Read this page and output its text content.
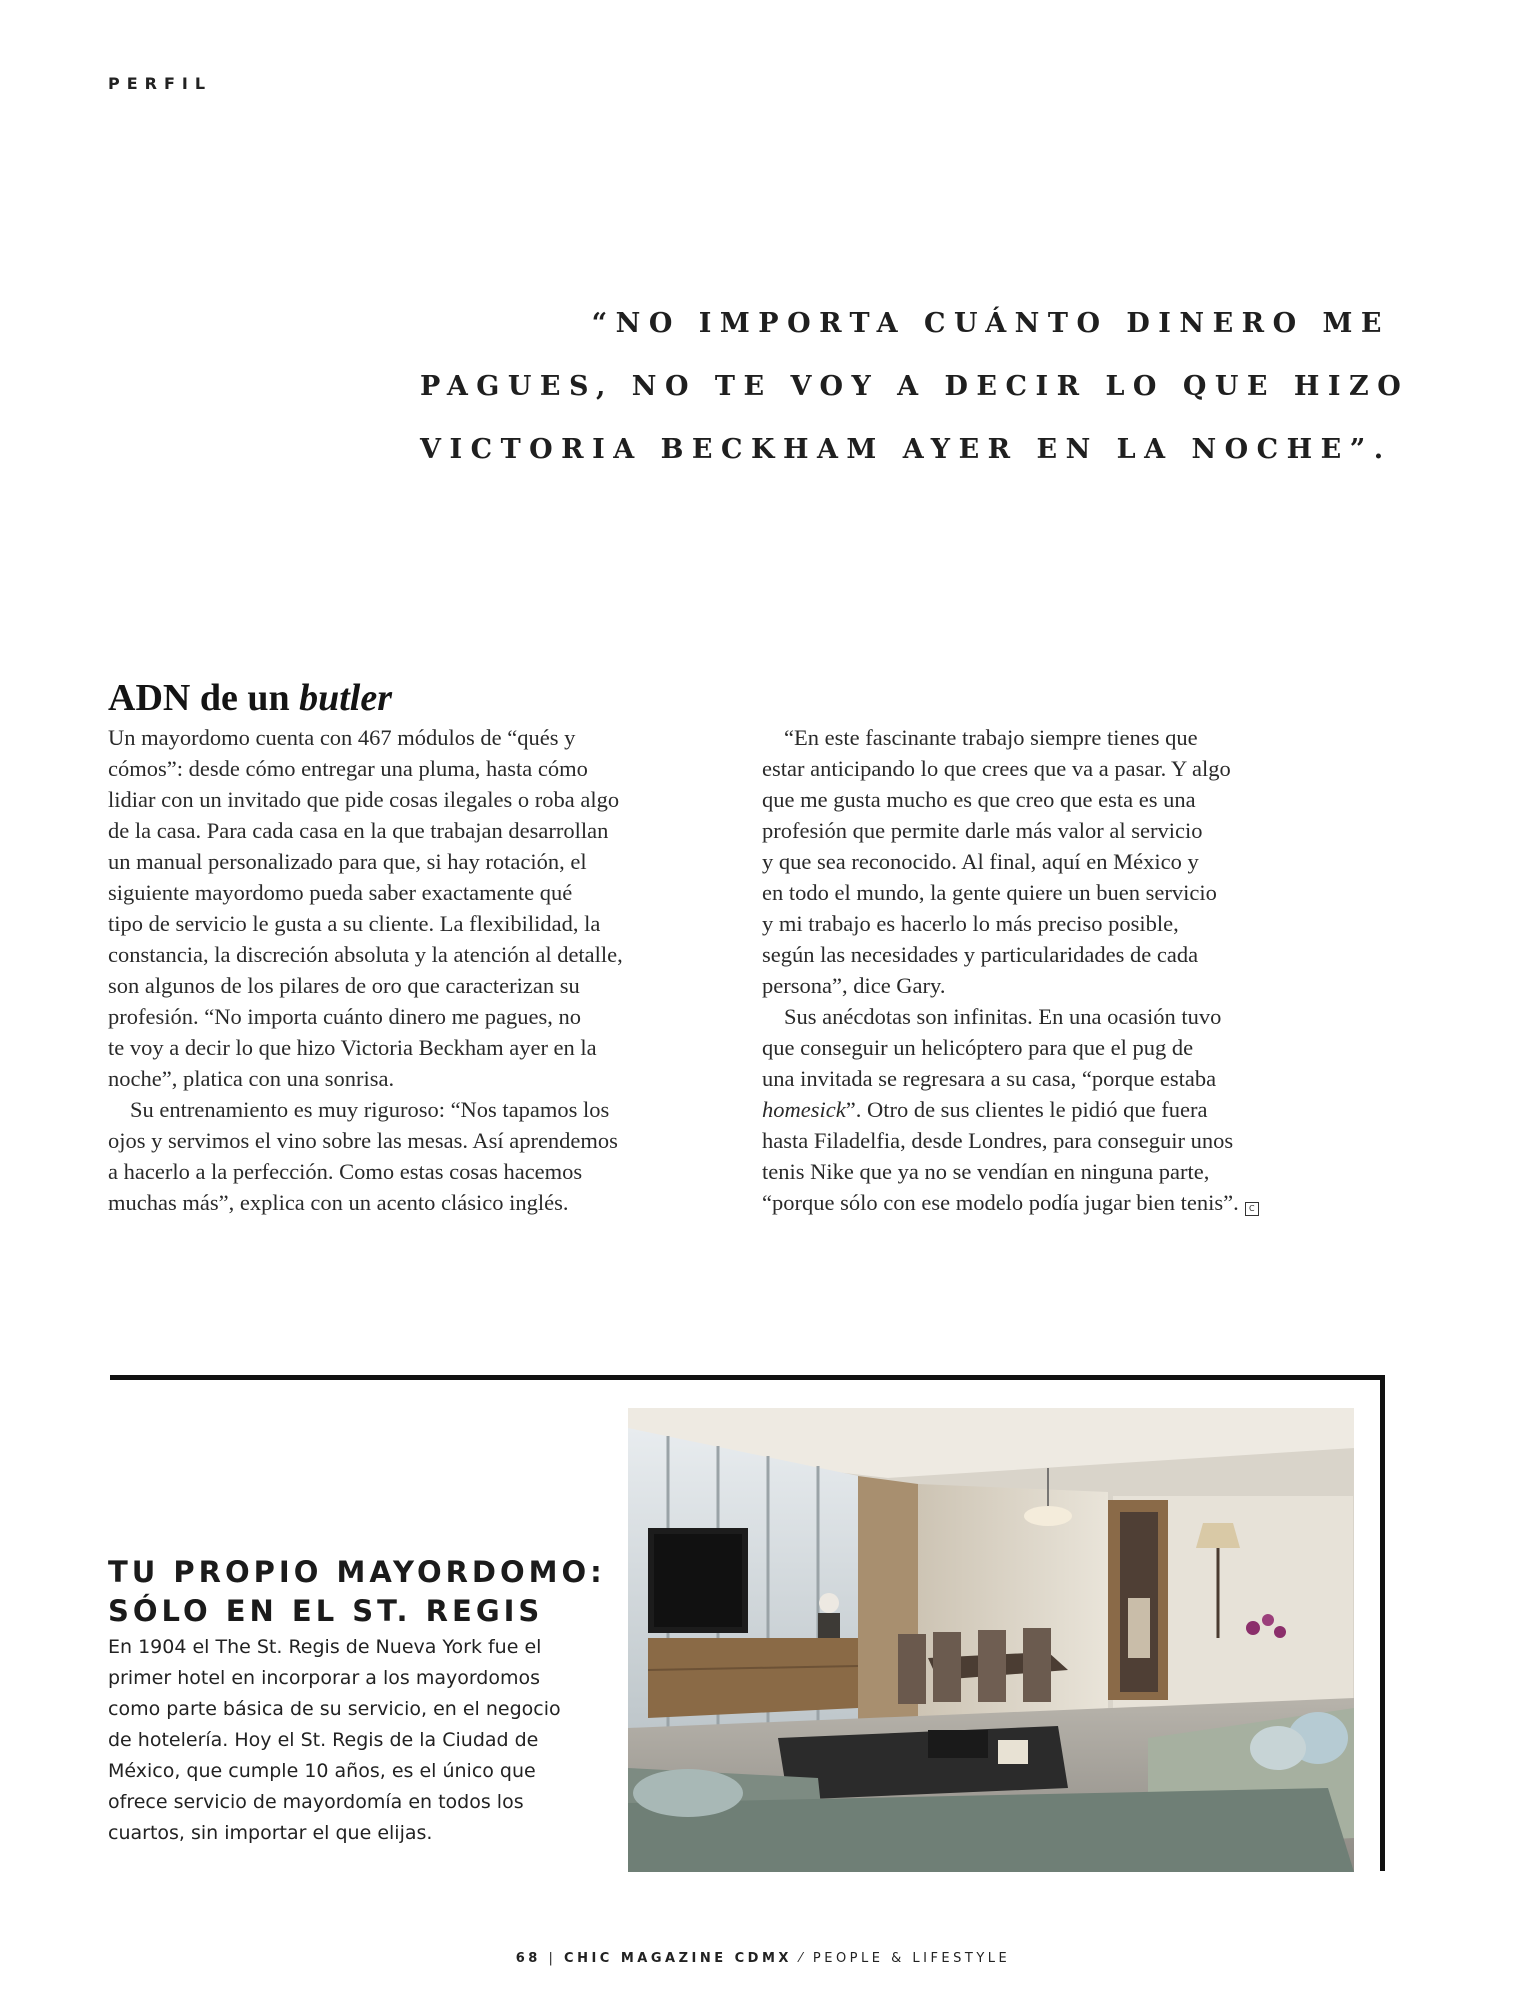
PERFIL
“NO IMPORTA CUÁNTO DINERO ME
PAGUES, NO TE VOY A DECIR LO QUE HIZO
VICTORIA BECKHAM AYER EN LA NOCHE”.
ADN de un butler
Un mayordomo cuenta con 467 módulos de “qués y
cómos”: desde cómo entregar una pluma, hasta cómo
lidiar con un invitado que pide cosas ilegales o roba algo
de la casa. Para cada casa en la que trabajan desarrollan
un manual personalizado para que, si hay rotación, el
siguiente mayordomo pueda saber exactamente qué
tipo de servicio le gusta a su cliente. La flexibilidad, la
constancia, la discreción absoluta y la atención al detalle,
son algunos de los pilares de oro que caracterizan su
profesión. “No importa cuánto dinero me pagues, no
te voy a decir lo que hizo Victoria Beckham ayer en la
noche”, platica con una sonrisa.
Su entrenamiento es muy riguroso: “Nos tapamos los
ojos y servimos el vino sobre las mesas. Así aprendemos
a hacerlo a la perfección. Como estas cosas hacemos
muchas más”, explica con un acento clásico inglés.
“En este fascinante trabajo siempre tienes que
estar anticipando lo que crees que va a pasar. Y algo
que me gusta mucho es que creo que esta es una
profesión que permite darle más valor al servicio
y que sea reconocido. Al final, aquí en México y
en todo el mundo, la gente quiere un buen servicio
y mi trabajo es hacerlo lo más preciso posible,
según las necesidades y particularidades de cada
persona”, dice Gary.
Sus anécdotas son infinitas. En una ocasión tuvo
que conseguir un helicóptero para que el pug de
una invitada se regresara a su casa, “porque estaba
homesick”. Otro de sus clientes le pidió que fuera
hasta Filadelfia, desde Londres, para conseguir unos
tenis Nike que ya no se vendían en ninguna parte,
“porque sólo con ese modelo podía jugar bien tenis”. C
TU PROPIO MAYORDOMO:
SÓLO EN EL ST. REGIS
En 1904 el The St. Regis de Nueva York fue el
primer hotel en incorporar a los mayordomos
como parte básica de su servicio, en el negocio
de hotelería. Hoy el St. Regis de la Ciudad de
México, que cumple 10 años, es el único que
ofrece servicio de mayordomía en todos los
cuartos, sin importar el que elijas.
68 | CHIC MAGAZINE CDMX ⁄ PEOPLE & LIFESTYLE
